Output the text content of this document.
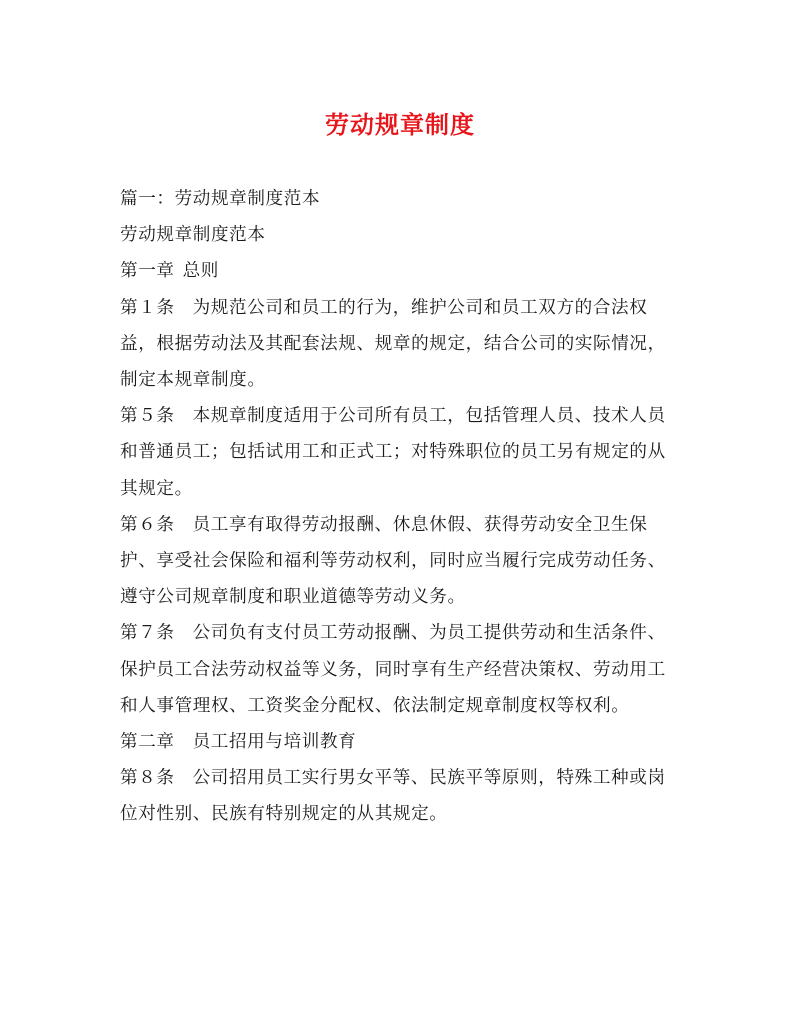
劳动规章制度

篇一：劳动规章制度范本

劳动规章制度范本

第一章 总则

第１条 为规范公司和员工的行为，维护公司和员工双方的合法权益，根据劳动法及其配套法规、规章的规定，结合公司的实际情况，制定本规章制度。

第５条 本规章制度适用于公司所有员工，包括管理人员、技术人员和普通员工；包括试用工和正式工；对特殊职位的员工另有规定的从其规定。

第６条 员工享有取得劳动报酬、休息休假、获得劳动安全卫生保护、享受社会保险和福利等劳动权利，同时应当履行完成劳动任务、遵守公司规章制度和职业道德等劳动义务。

第７条 公司负有支付员工劳动报酬、为员工提供劳动和生活条件、保护员工合法劳动权益等义务，同时享有生产经营决策权、劳动用工和人事管理权、工资奖金分配权、依法制定规章制度权等权利。

第二章 员工招用与培训教育

第８条 公司招用员工实行男女平等、民族平等原则，特殊工种或岗位对性别、民族有特别规定的从其规定。
